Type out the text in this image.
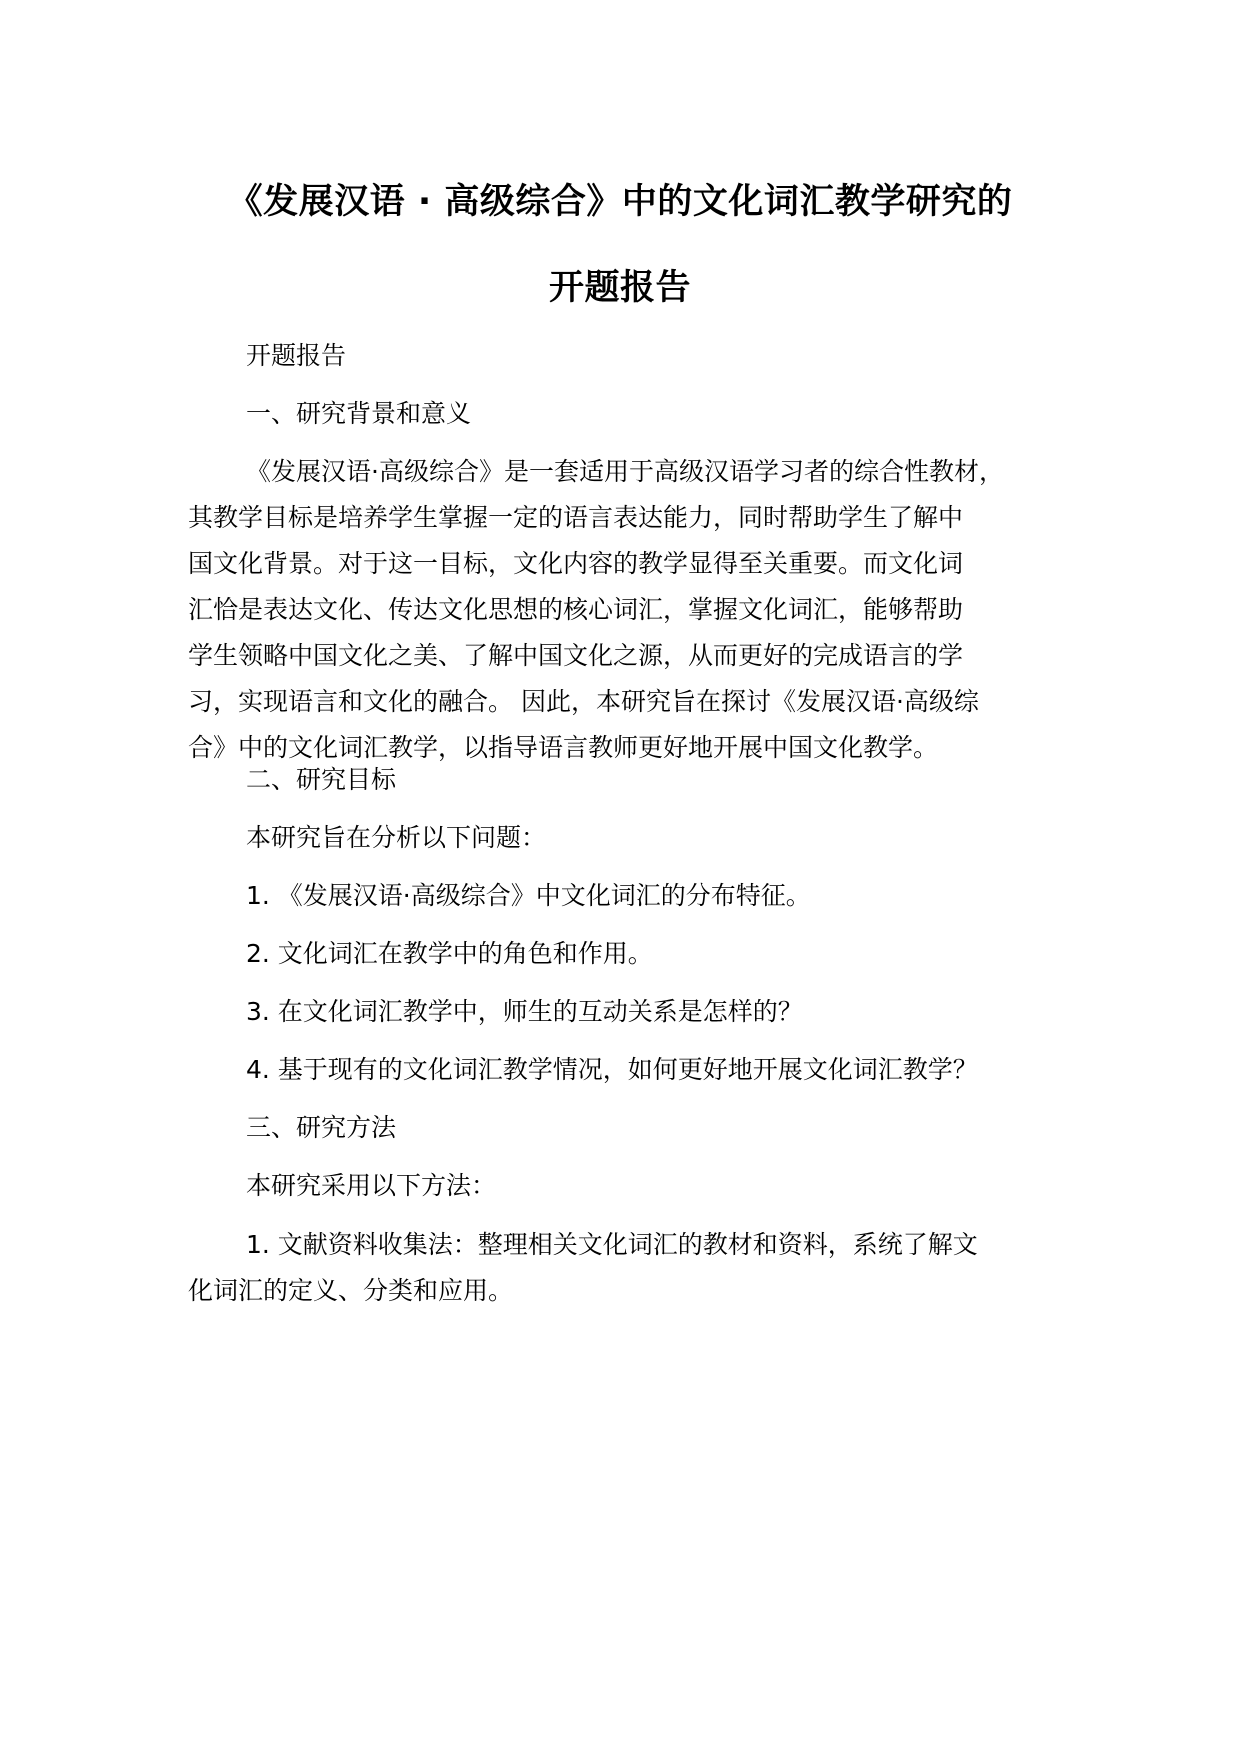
《发展汉语 · 高级综合》中的文化词汇教学研究的
开题报告
开题报告
一、研究背景和意义
《发展汉语·高级综合》是一套适用于高级汉语学习者的综合性教材，
其教学目标是培养学生掌握一定的语言表达能力，同时帮助学生了解中
国文化背景。对于这一目标，文化内容的教学显得至关重要。而文化词
汇恰是表达文化、传达文化思想的核心词汇，掌握文化词汇，能够帮助
学生领略中国文化之美、了解中国文化之源，从而更好的完成语言的学
习，实现语言和文化的融合。 因此，本研究旨在探讨《发展汉语·高级综
合》中的文化词汇教学，以指导语言教师更好地开展中国文化教学。
二、研究目标
本研究旨在分析以下问题：
1. 《发展汉语·高级综合》中文化词汇的分布特征。
2. 文化词汇在教学中的角色和作用。
3. 在文化词汇教学中，师生的互动关系是怎样的？
4. 基于现有的文化词汇教学情况，如何更好地开展文化词汇教学？
三、研究方法
本研究采用以下方法：
1. 文献资料收集法：整理相关文化词汇的教材和资料，系统了解文
化词汇的定义、分类和应用。
